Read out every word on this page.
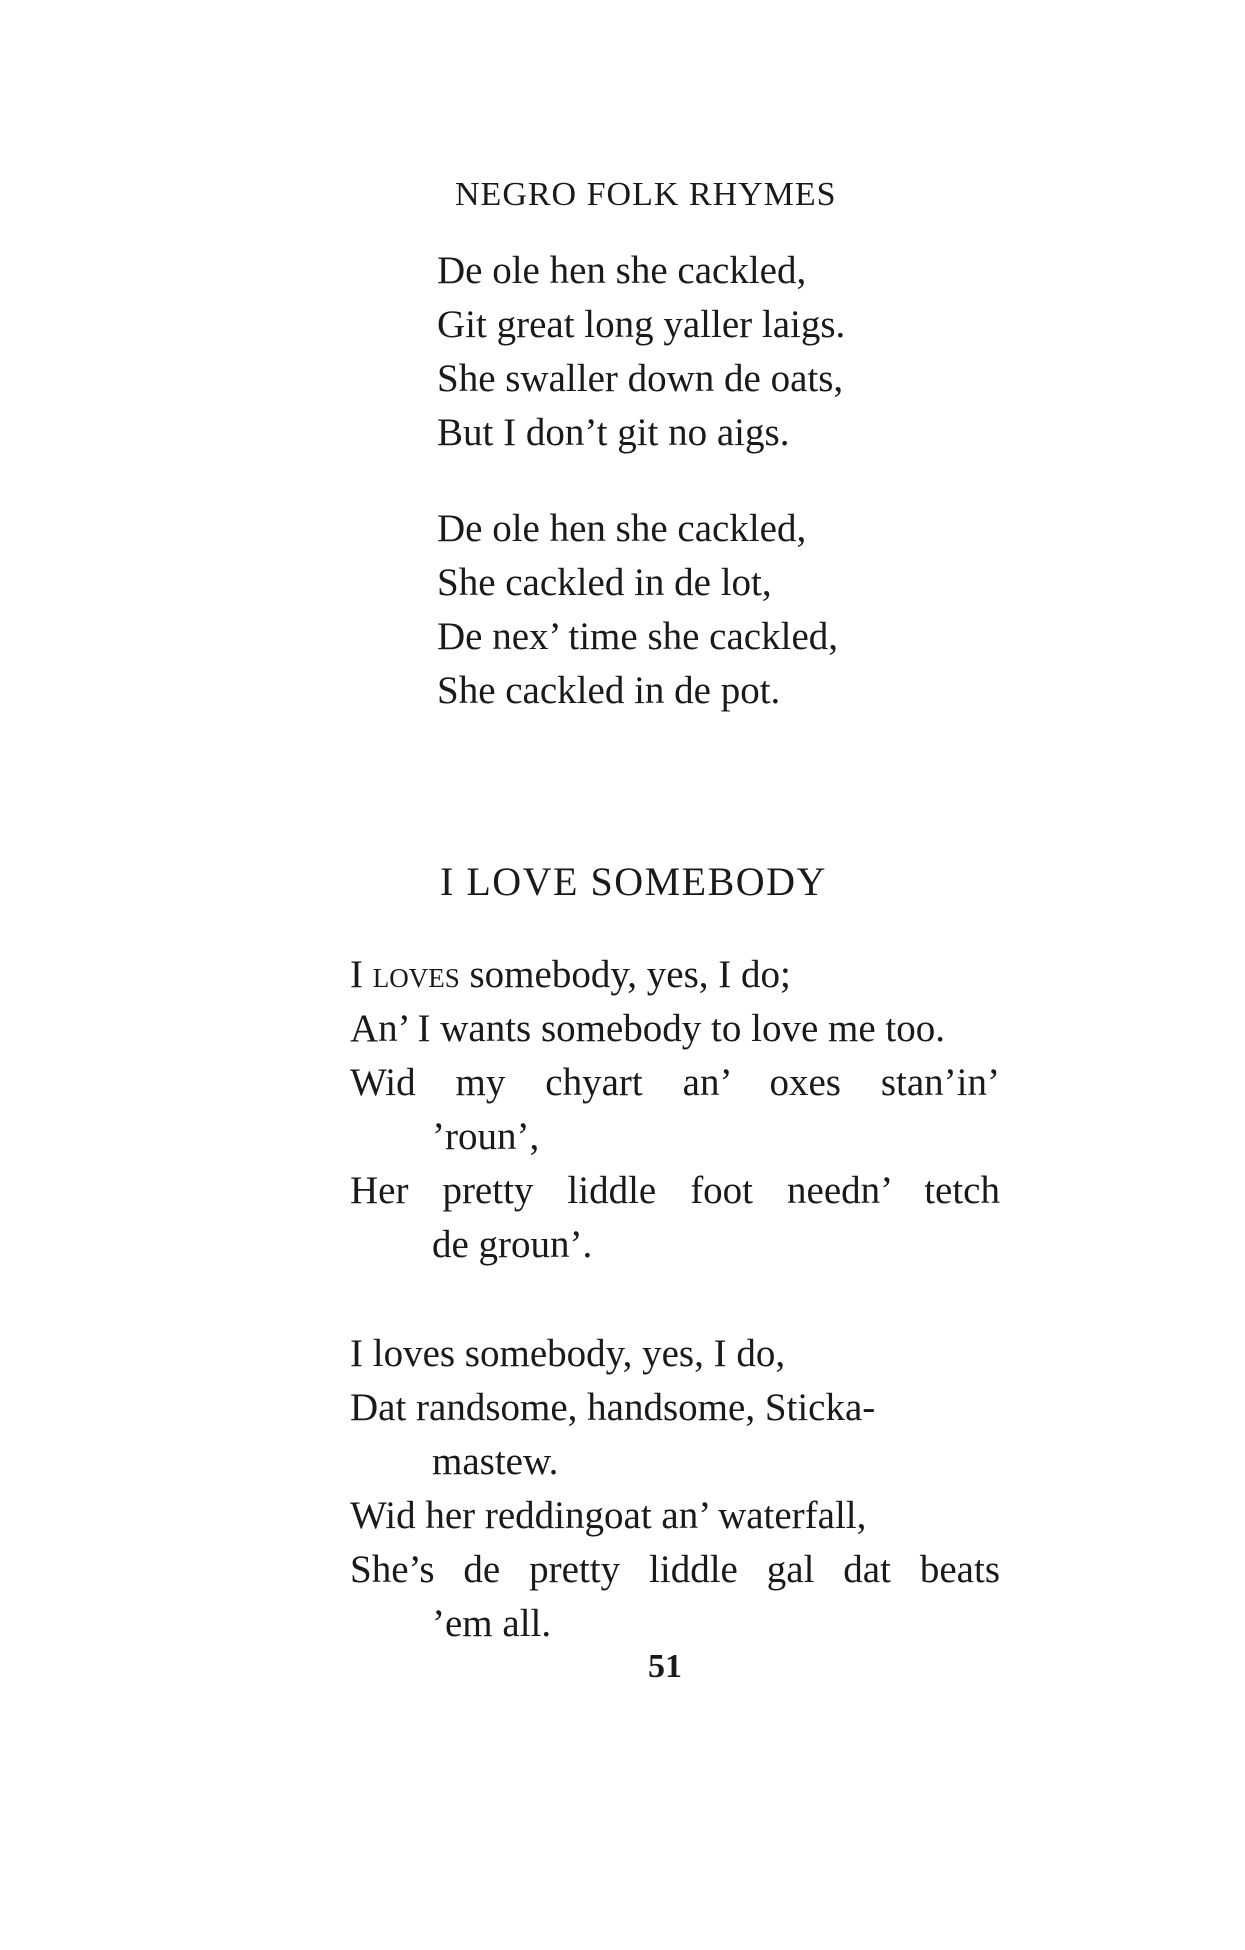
NEGRO FOLK RHYMES
De ole hen she cackled,
Git great long yaller laigs.
She swaller down de oats,
But I don’t git no aigs.
De ole hen she cackled,
She cackled in de lot,
De nex’ time she cackled,
She cackled in de pot.
I LOVE SOMEBODY
I loves somebody, yes, I do;
An’ I wants somebody to love me too.
Wid my chyart an’ oxes stan’in’
’roun’,
Her pretty liddle foot needn’ tetch
de groun’.
I loves somebody, yes, I do,
Dat randsome, handsome, Sticka-
mastew.
Wid her reddingoat an’ waterfall,
She’s de pretty liddle gal dat beats
’em all.
51
